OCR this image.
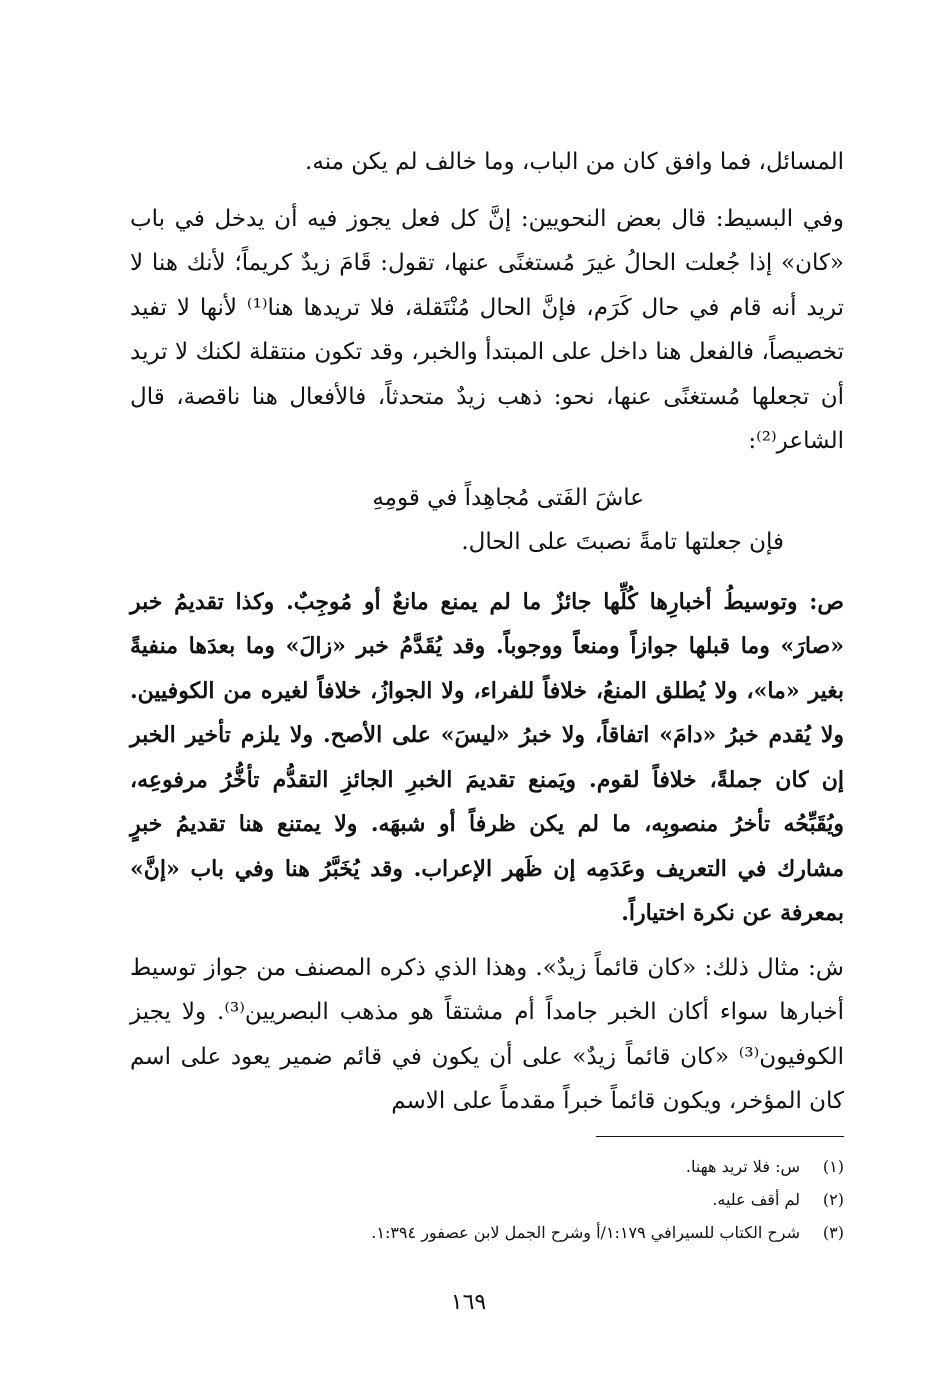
المسائل، فما وافق كان من الباب، وما خالف لم يكن منه.

وفي البسيط: قال بعض النحويين: إنَّ كل فعل يجوز فيه أن يدخل في باب «كان» إذا جُعلت الحالُ غيرَ مُستغنًى عنها، تقول: قَامَ زيدٌ كريماً؛ لأنك هنا لا تريد أنه قام في حال كَرَم، فإنَّ الحال مُنْتَقلة، فلا تريدها هنا⁽¹⁾ لأنها لا تفيد تخصيصاً، فالفعل هنا داخل على المبتدأ والخبر، وقد تكون منتقلة لكنك لا تريد أن تجعلها مُستغنًى عنها، نحو: ذهب زيدٌ متحدثاً، فالأفعال هنا ناقصة، قال الشاعر⁽²⁾:

عاشَ الفَتى مُجاهِداً في قومِهِ

فإن جعلتها تامةً نصبتَ على الحال.

ص: وتوسيطُ أخبارِها كُلِّها جائزٌ ما لم يمنع مانعٌ أو مُوجِبٌ. وكذا تقديمُ خبر «صارَ» وما قبلها جوازاً ومنعاً ووجوباً. وقد يُقَدَّمُ خبر «زالَ» وما بعدَها منفيةً بغير «ما»، ولا يُطلق المنعُ، خلافاً للفراء، ولا الجوازُ، خلافاً لغيره من الكوفيين. ولا يُقدم خبرُ «دامَ» اتفاقاً، ولا خبرُ «ليسَ» على الأصح. ولا يلزم تأخير الخبر إن كان جملةً، خلافاً لقوم. ويَمنع تقديمَ الخبرِ الجائزِ التقدُّم تأخُّرُ مرفوعِه، ويُقَبِّحُه تأخرُ منصوبِه، ما لم يكن ظرفاً أو شبهَه. ولا يمتنع هنا تقديمُ خبرٍ مشارك في التعريف وعَدَمِه إن ظَهر الإعراب. وقد يُخَبَّرُ هنا وفي باب «إنَّ» بمعرفة عن نكرة اختياراً.

ش: مثال ذلك: «كان قائماً زيدٌ». وهذا الذي ذكره المصنف من جواز توسيط أخبارها سواء أكان الخبر جامداً أم مشتقاً هو مذهب البصريين⁽³⁾. ولا يجيز الكوفيون⁽³⁾ «كان قائماً زيدٌ» على أن يكون في قائم ضمير يعود على اسم كان المؤخر، ويكون قائماً خبراً مقدماً على الاسم

(١)س: فلا تريد ههنا.
(٢)لم أقف عليه.
(٣)شرح الكتاب للسيرافي ١:١٧٩/أ وشرح الجمل لابن عصفور ١:٣٩٤.
١٦٩
